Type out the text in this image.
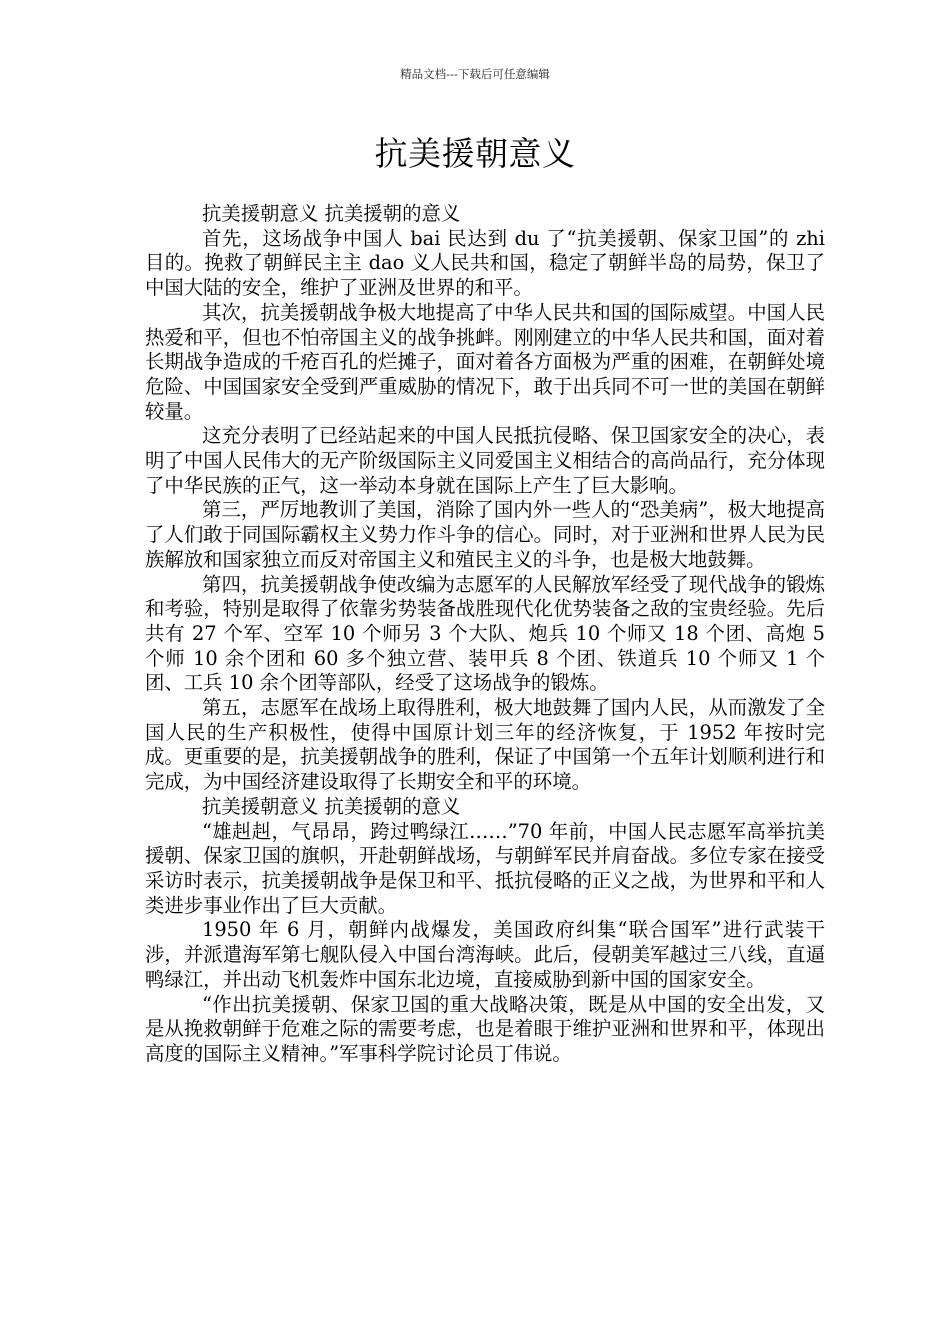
精品文档---下载后可任意编辑
抗美援朝意义

抗美援朝意义 抗美援朝的意义

首先，这场战争中国人 bai 民达到 du 了“抗美援朝、保家卫国”的 zhi 目的。挽救了朝鲜民主主 dao 义人民共和国，稳定了朝鲜半岛的局势，保卫了中国大陆的安全，维护了亚洲及世界的和平。

其次，抗美援朝战争极大地提高了中华人民共和国的国际威望。中国人民热爱和平，但也不怕帝国主义的战争挑衅。刚刚建立的中华人民共和国，面对着长期战争造成的千疮百孔的烂摊子，面对着各方面极为严重的困难，在朝鲜处境危险、中国国家安全受到严重威胁的情况下，敢于出兵同不可一世的美国在朝鲜较量。

这充分表明了已经站起来的中国人民抵抗侵略、保卫国家安全的决心，表明了中国人民伟大的无产阶级国际主义同爱国主义相结合的高尚品行，充分体现了中华民族的正气，这一举动本身就在国际上产生了巨大影响。

第三，严厉地教训了美国，消除了国内外一些人的“恐美病”，极大地提高了人们敢于同国际霸权主义势力作斗争的信心。同时，对于亚洲和世界人民为民族解放和国家独立而反对帝国主义和殖民主义的斗争，也是极大地鼓舞。

第四，抗美援朝战争使改编为志愿军的人民解放军经受了现代战争的锻炼和考验，特别是取得了依靠劣势装备战胜现代化优势装备之敌的宝贵经验。先后共有 27 个军、空军 10 个师另 3 个大队、炮兵 10 个师又 18 个团、高炮 5 个师 10 余个团和 60 多个独立营、装甲兵 8 个团、铁道兵 10 个师又 1 个团、工兵 10 余个团等部队，经受了这场战争的锻炼。

第五，志愿军在战场上取得胜利，极大地鼓舞了国内人民，从而激发了全国人民的生产积极性，使得中国原计划三年的经济恢复，于 1952 年按时完成。更重要的是，抗美援朝战争的胜利，保证了中国第一个五年计划顺利进行和完成，为中国经济建设取得了长期安全和平的环境。

抗美援朝意义 抗美援朝的意义

“雄赳赳，气昂昂，跨过鸭绿江……”70 年前，中国人民志愿军高举抗美援朝、保家卫国的旗帜，开赴朝鲜战场，与朝鲜军民并肩奋战。多位专家在接受采访时表示，抗美援朝战争是保卫和平、抵抗侵略的正义之战，为世界和平和人类进步事业作出了巨大贡献。

1950 年 6 月，朝鲜内战爆发，美国政府纠集“联合国军”进行武装干涉，并派遣海军第七舰队侵入中国台湾海峡。此后，侵朝美军越过三八线，直逼鸭绿江，并出动飞机轰炸中国东北边境，直接威胁到新中国的国家安全。

“作出抗美援朝、保家卫国的重大战略决策，既是从中国的安全出发，又是从挽救朝鲜于危难之际的需要考虑，也是着眼于维护亚洲和世界和平，体现出高度的国际主义精神。”军事科学院讨论员丁伟说。
